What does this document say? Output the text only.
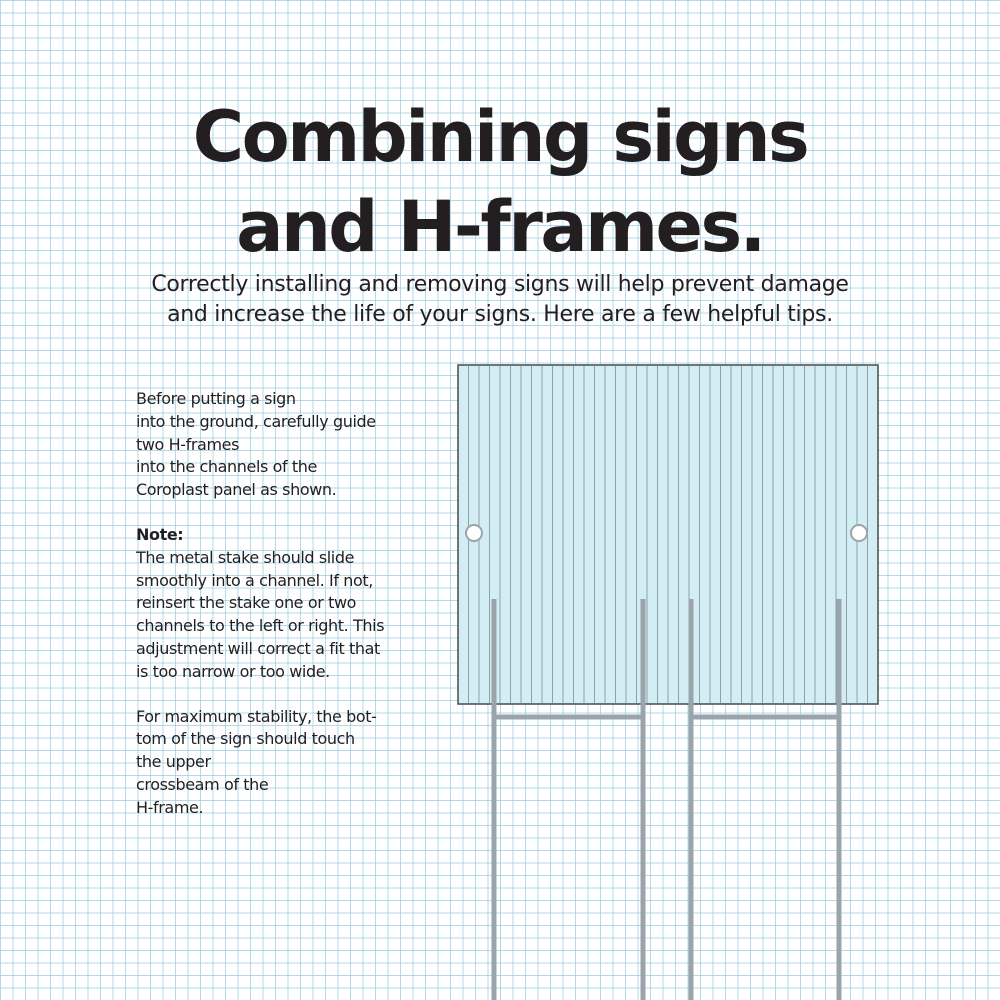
Combining signs
and H-frames.
Correctly installing and removing signs will help prevent damage
and increase the life of your signs. Here are a few helpful tips.
Before putting a sign
into the ground, carefully guide
two H-frames
into the channels of the
Coroplast panel as shown.
Note:
The metal stake should slide
smoothly into a channel. If not,
reinsert the stake one or two
channels to the left or right. This
adjustment will correct a fit that
is too narrow or too wide.
For maximum stability, the bot-
tom of the sign should touch
the upper
crossbeam of the
H-frame.
